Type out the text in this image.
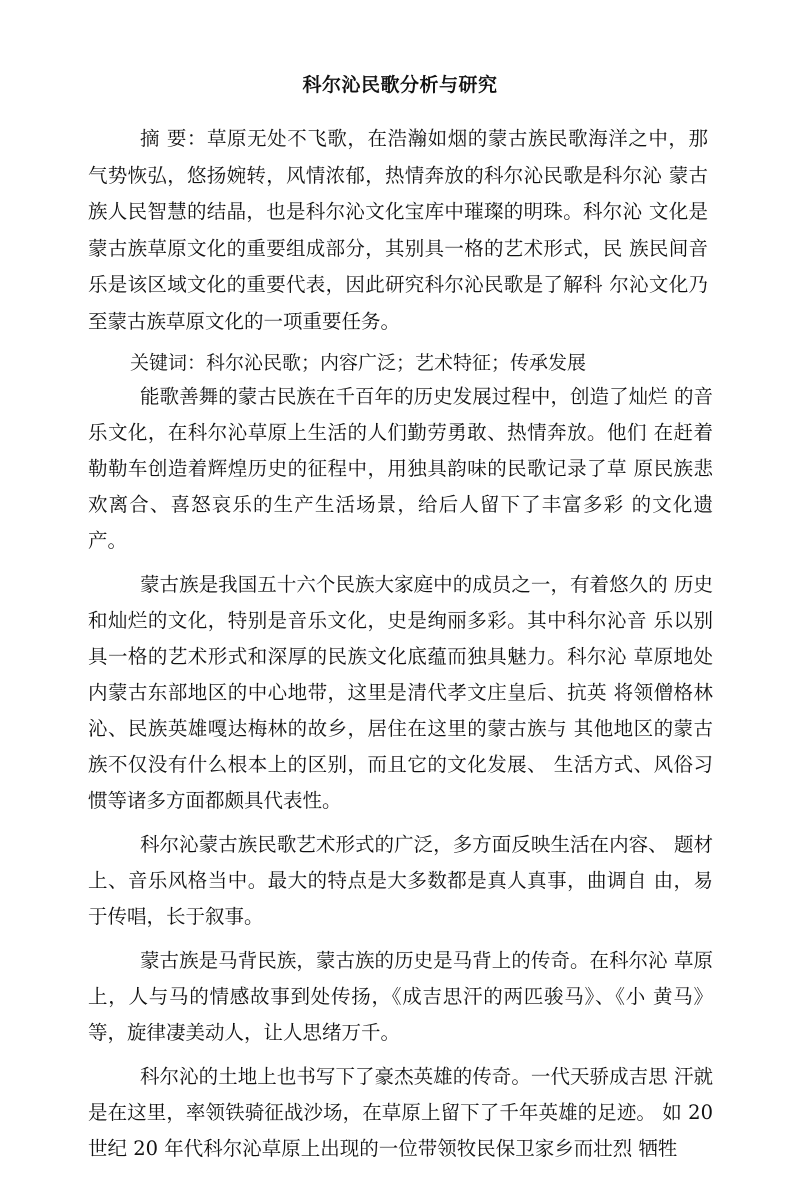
科尔沁民歌分析与研究

摘 要：草原无处不飞歌，在浩瀚如烟的蒙古族民歌海洋之中，那气势恢弘，悠扬婉转，风情浓郁，热情奔放的科尔沁民歌是科尔沁 蒙古族人民智慧的结晶，也是科尔沁文化宝库中璀璨的明珠。科尔沁 文化是蒙古族草原文化的重要组成部分，其别具一格的艺术形式，民 族民间音乐是该区域文化的重要代表，因此研究科尔沁民歌是了解科 尔沁文化乃至蒙古族草原文化的一项重要任务。

关键词：科尔沁民歌；内容广泛；艺术特征；传承发展

能歌善舞的蒙古民族在千百年的历史发展过程中，创造了灿烂 的音乐文化，在科尔沁草原上生活的人们勤劳勇敢、热情奔放。他们 在赶着勒勒车创造着辉煌历史的征程中，用独具韵味的民歌记录了草 原民族悲欢离合、喜怒哀乐的生产生活场景，给后人留下了丰富多彩 的文化遗产。

蒙古族是我国五十六个民族大家庭中的成员之一，有着悠久的 历史和灿烂的文化，特别是音乐文化，史是绚丽多彩。其中科尔沁音 乐以别具一格的艺术形式和深厚的民族文化底蕴而独具魅力。科尔沁 草原地处内蒙古东部地区的中心地带，这里是清代孝文庄皇后、抗英 将领僧格林沁、民族英雄嘎达梅林的故乡，居住在这里的蒙古族与 其他地区的蒙古族不仅没有什么根本上的区别，而且它的文化发展、 生活方式、风俗习惯等诸多方面都颇具代表性。

科尔沁蒙古族民歌艺术形式的广泛，多方面反映生活在内容、 题材上、音乐风格当中。最大的特点是大多数都是真人真事，曲调自 由，易于传唱，长于叙事。

蒙古族是马背民族，蒙古族的历史是马背上的传奇。在科尔沁 草原上，人与马的情感故事到处传扬，《成吉思汗的两匹骏马》、《小 黄马》等，旋律凄美动人，让人思绪万千。

科尔沁的土地上也书写下了豪杰英雄的传奇。一代天骄成吉思 汗就是在这里，率领铁骑征战沙场，在草原上留下了千年英雄的足迹。 如 20 世纪 20 年代科尔沁草原上出现的一位带领牧民保卫家乡而壮烈 牺牲
